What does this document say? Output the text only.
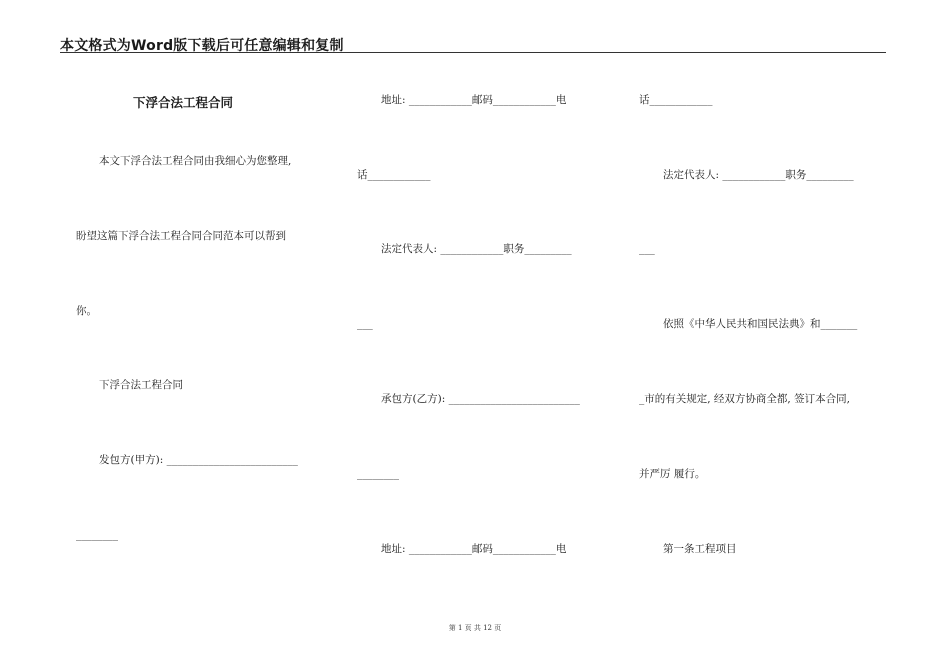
本文格式为Word版下载后可任意编辑和复制
下浮合法工程合同
本文下浮合法工程合同由我细心为您整理,
盼望这篇下浮合法工程合同合同范本可以帮到
你。
下浮合法工程合同
发包方(甲方): _________________________
________
地址: ____________邮码____________电
话____________
法定代表人: ____________职务_________
___
承包方(乙方): _________________________
________
地址: ____________邮码____________电
话____________
法定代表人: ____________职务_________
___
依照《中华人民共和国民法典》和_______
_市的有关规定, 经双方协商全都, 签订本合同,
并严厉 履行。
第一条工程项目
第 1 页 共 12 页
